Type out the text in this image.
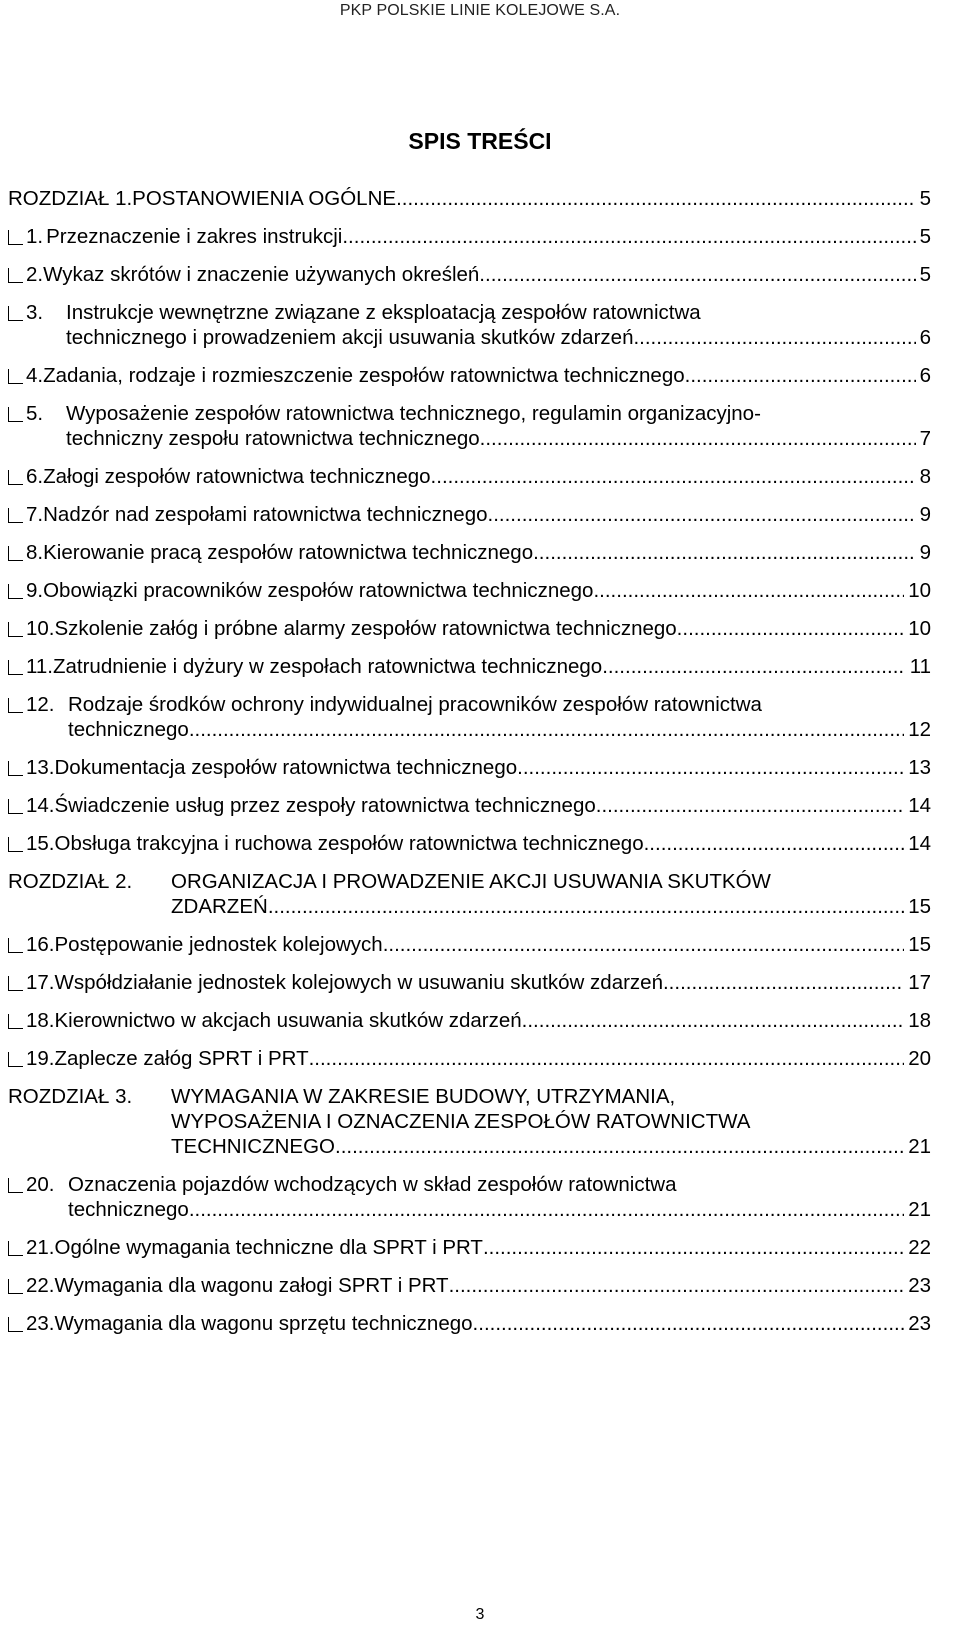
PKP POLSKIE LINIE KOLEJOWE S.A.
SPIS TREŚCI
ROZDZIAŁ 1. POSTANOWIENIA OGÓLNE .....	5
1. Przeznaczenie i zakres instrukcji .....	5
2. Wykaz skrótów i znaczenie używanych określeń .....	5
3.	Instrukcje wewnętrzne związane z eksploatacją zespołów ratownictwa
technicznego i prowadzeniem akcji usuwania skutków zdarzeń .....	6
4. Zadania, rodzaje i rozmieszczenie zespołów ratownictwa technicznego .....	6
5.	Wyposażenie zespołów ratownictwa technicznego, regulamin organizacyjno-
techniczny zespołu ratownictwa technicznego .....	7
6. Załogi zespołów ratownictwa technicznego .....	8
7. Nadzór nad zespołami ratownictwa technicznego .....	9
8. Kierowanie pracą zespołów ratownictwa technicznego .....	9
9. Obowiązki pracowników zespołów ratownictwa technicznego .....	10
10. Szkolenie załóg i próbne alarmy zespołów ratownictwa technicznego .....	10
11. Zatrudnienie i dyżury w zespołach ratownictwa technicznego .....	11
12. Rodzaje środków ochrony indywidualnej pracowników zespołów ratownictwa
technicznego .....	12
13. Dokumentacja zespołów ratownictwa technicznego .....	13
14. Świadczenie usług przez zespoły ratownictwa technicznego .....	14
15. Obsługa trakcyjna i ruchowa zespołów ratownictwa technicznego .....	14
ROZDZIAŁ 2.	ORGANIZACJA I PROWADZENIE AKCJI USUWANIA SKUTKÓW
ZDARZEŃ .....	15
16. Postępowanie jednostek kolejowych .....	15
17. Współdziałanie jednostek kolejowych w usuwaniu skutków zdarzeń .....	17
18. Kierownictwo w akcjach usuwania skutków zdarzeń .....	18
19. Zaplecze załóg SPRT i PRT .....	20
ROZDZIAŁ 3.	WYMAGANIA W ZAKRESIE BUDOWY, UTRZYMANIA,
WYPOSAŻENIA I OZNACZENIA ZESPOŁÓW RATOWNICTWA
TECHNICZNEGO .....	21
20. Oznaczenia pojazdów wchodzących w skład zespołów ratownictwa
technicznego .....	21
21. Ogólne wymagania techniczne dla SPRT i PRT .....	22
22. Wymagania dla wagonu załogi SPRT i PRT .....	23
23. Wymagania dla wagonu sprzętu technicznego .....	23
3
